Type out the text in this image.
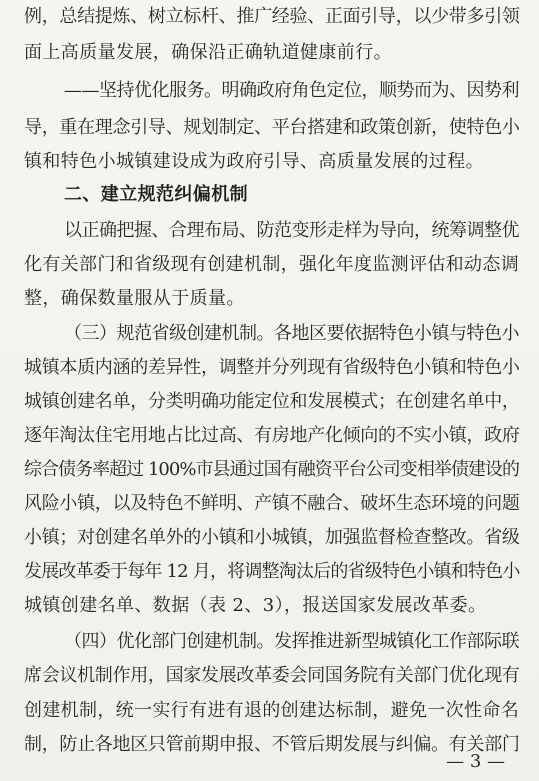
例，总结提炼、树立标杆、推广经验、正面引导，以少带多引领
面上高质量发展，确保沿正确轨道健康前行。
——坚持优化服务。明确政府角色定位，顺势而为、因势利
导，重在理念引导、规划制定、平台搭建和政策创新，使特色小
镇和特色小城镇建设成为政府引导、高质量发展的过程。
二、建立规范纠偏机制
以正确把握、合理布局、防范变形走样为导向，统筹调整优
化有关部门和省级现有创建机制，强化年度监测评估和动态调
整，确保数量服从于质量。
（三）规范省级创建机制。各地区要依据特色小镇与特色小
城镇本质内涵的差异性，调整并分列现有省级特色小镇和特色小
城镇创建名单，分类明确功能定位和发展模式；在创建名单中，
逐年淘汰住宅用地占比过高、有房地产化倾向的不实小镇，政府
综合债务率超过 100%市县通过国有融资平台公司变相举债建设的
风险小镇，以及特色不鲜明、产镇不融合、破坏生态环境的问题
小镇；对创建名单外的小镇和小城镇，加强监督检查整改。省级
发展改革委于每年 12 月，将调整淘汰后的省级特色小镇和特色小
城镇创建名单、数据（表 2、3），报送国家发展改革委。
（四）优化部门创建机制。发挥推进新型城镇化工作部际联
席会议机制作用，国家发展改革委会同国务院有关部门优化现有
创建机制，统一实行有进有退的创建达标制，避免一次性命名
制，防止各地区只管前期申报、不管后期发展与纠偏。有关部门
— 3 —
